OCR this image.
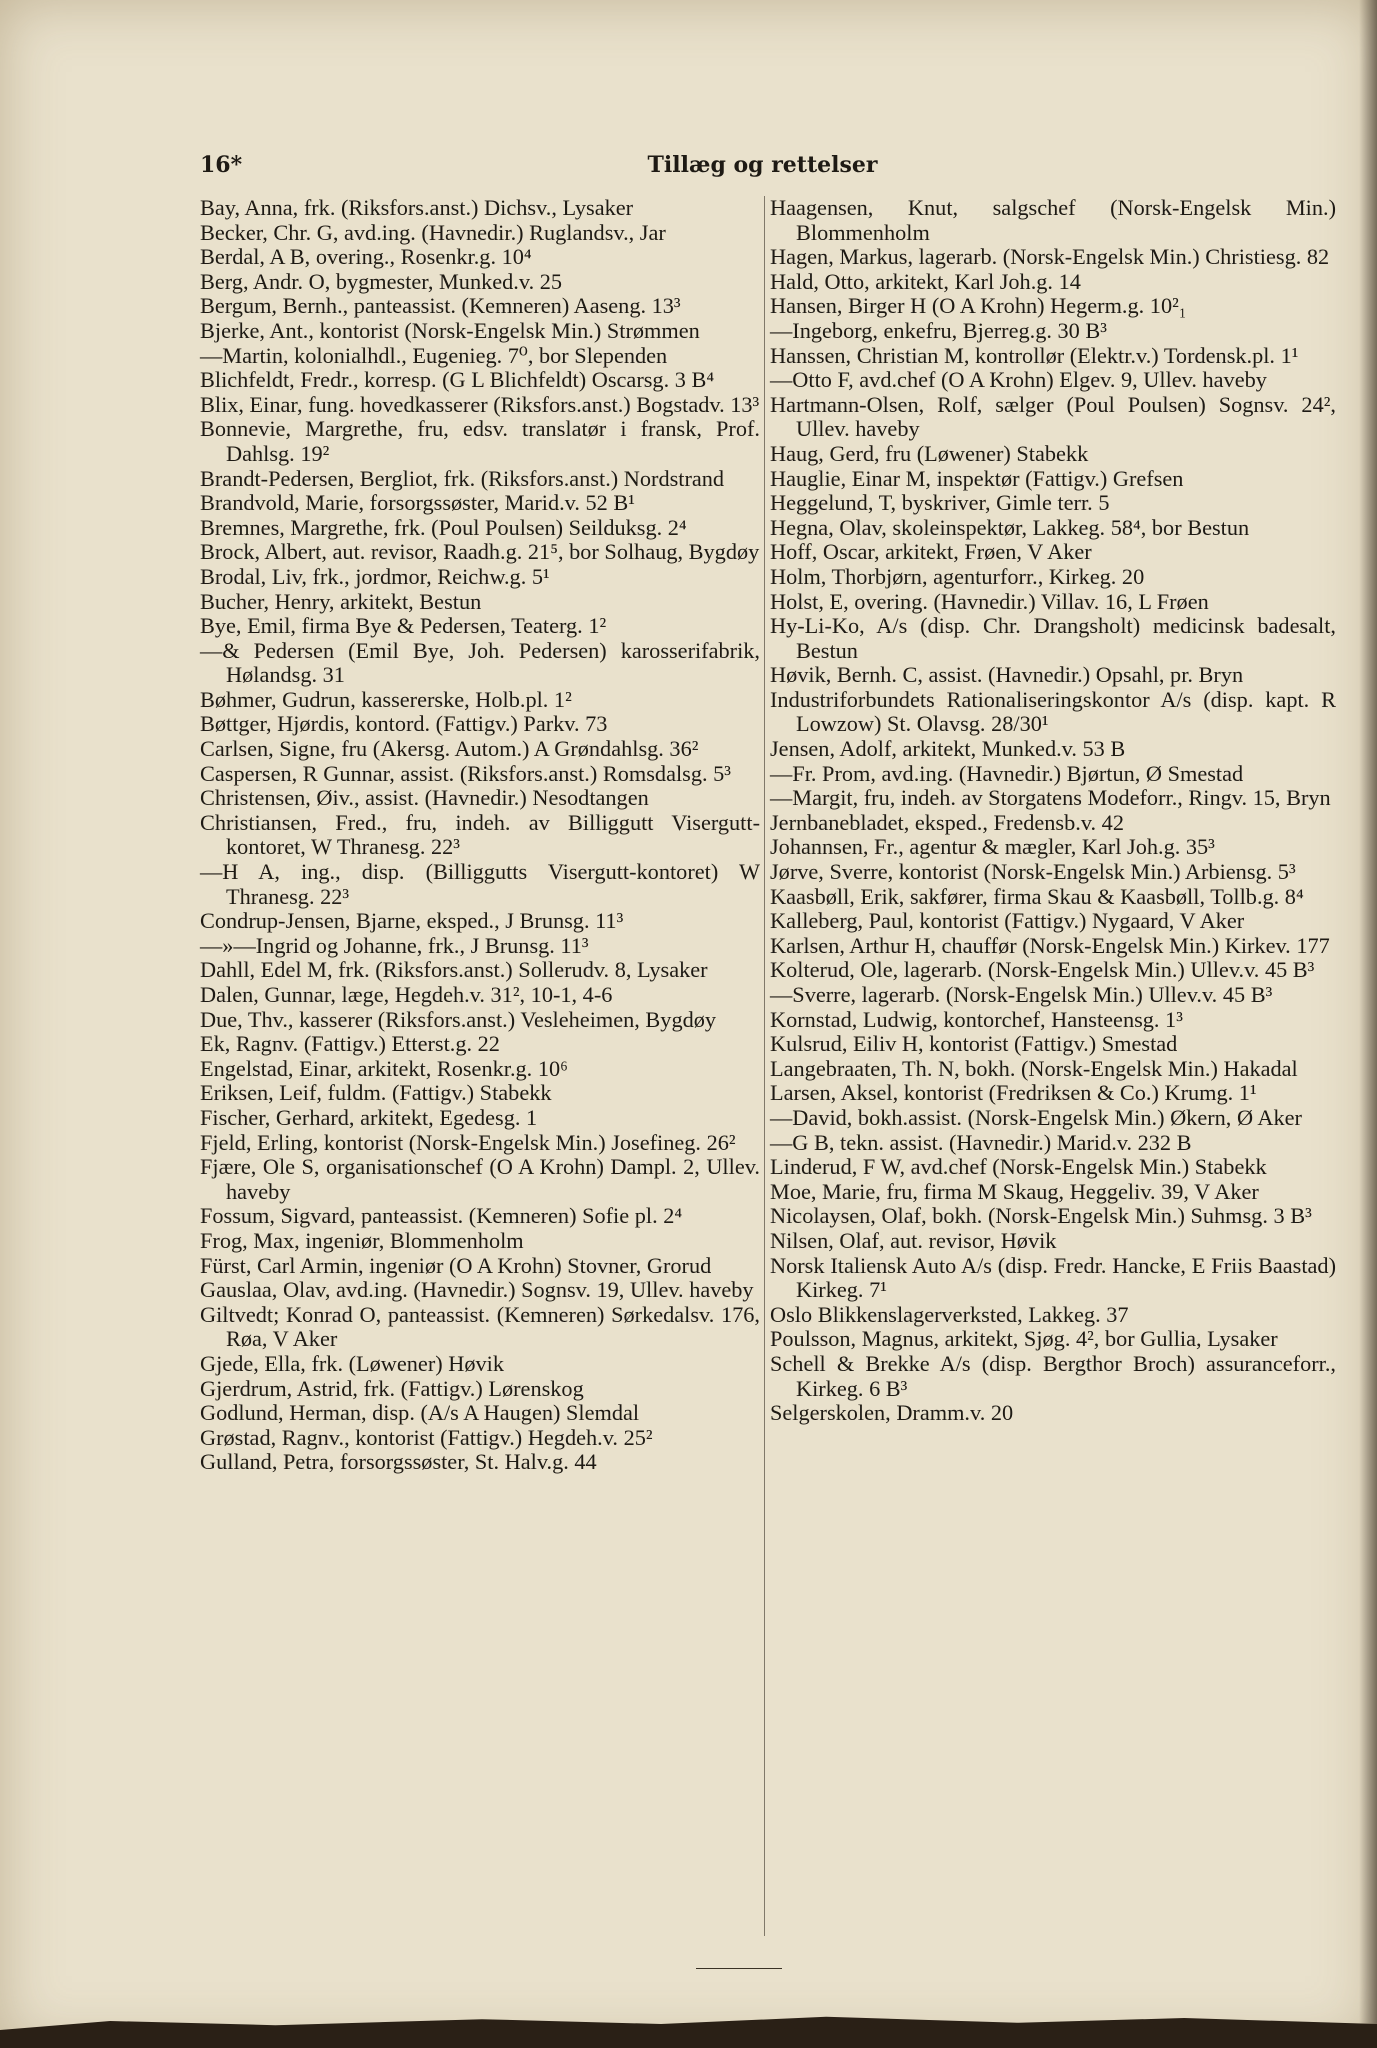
16*	Tillæg og rettelser
Bay, Anna, frk. (Riksfors.anst.) Dichsv., Lysaker
Becker, Chr. G, avd.ing. (Havnedir.) Ruglandsv., Jar
Berdal, A B, overing., Rosenkr.g. 10⁴
Berg, Andr. O, bygmester, Munked.v. 25
Bergum, Bernh., panteassist. (Kemneren) Aaseng. 13³
Bjerke, Ant., kontorist (Norsk-Engelsk Min.) Strømmen
—Martin, kolonialhdl., Eugenieg. 7⁰, bor Slependen
Blichfeldt, Fredr., korresp. (G L Blichfeldt) Oscarsg. 3 B⁴
Blix, Einar, fung. hovedkasserer (Riksfors.anst.) Bogstadv. 13³
Bonnevie, Margrethe, fru, edsv. translatør i fransk, Prof. Dahlsg. 19²
Brandt-Pedersen, Bergliot, frk. (Riksfors.anst.) Nordstrand
Brandvold, Marie, forsorgssøster, Marid.v. 52 B¹
Bremnes, Margrethe, frk. (Poul Poulsen) Seilduksg. 2⁴
Brock, Albert, aut. revisor, Raadh.g. 21⁵, bor Solhaug, Bygdøy
Brodal, Liv, frk., jordmor, Reichw.g. 5¹
Bucher, Henry, arkitekt, Bestun
Bye, Emil, firma Bye & Pedersen, Teaterg. 1²
—& Pedersen (Emil Bye, Joh. Pedersen) karosserifabrik, Hølandsg. 31
Bøhmer, Gudrun, kassererske, Holb.pl. 1²
Bøttger, Hjørdis, kontord. (Fattigv.) Parkv. 73
Carlsen, Signe, fru (Akersg. Autom.) A Grøndahlsg. 36²
Caspersen, R Gunnar, assist. (Riksfors.anst.) Romsdalsg. 5³
Christensen, Øiv., assist. (Havnedir.) Nesodtangen
Christiansen, Fred., fru, indeh. av Billiggutt Visergutt-kontoret, W Thranesg. 22³
—H A, ing., disp. (Billiggutts Visergutt-kontoret) W Thranesg. 22³
Condrup-Jensen, Bjarne, eksped., J Brunsg. 11³
—»—Ingrid og Johanne, frk., J Brunsg. 11³
Dahll, Edel M, frk. (Riksfors.anst.) Sollerudv. 8, Lysaker
Dalen, Gunnar, læge, Hegdeh.v. 31², 10-1, 4-6
Due, Thv., kasserer (Riksfors.anst.) Vesleheimen, Bygdøy
Ek, Ragnv. (Fattigv.) Etterst.g. 22
Engelstad, Einar, arkitekt, Rosenkr.g. 10⁶
Eriksen, Leif, fuldm. (Fattigv.) Stabekk
Fischer, Gerhard, arkitekt, Egedesg. 1
Fjeld, Erling, kontorist (Norsk-Engelsk Min.) Josefineg. 26²
Fjære, Ole S, organisationschef (O A Krohn) Dampl. 2, Ullev. haveby
Fossum, Sigvard, panteassist. (Kemneren) Sofie pl. 2⁴
Frog, Max, ingeniør, Blommenholm
Fürst, Carl Armin, ingeniør (O A Krohn) Stovner, Grorud
Gauslaa, Olav, avd.ing. (Havnedir.) Sognsv. 19, Ullev. haveby
Giltvedt; Konrad O, panteassist. (Kemneren) Sørkedalsv. 176, Røa, V Aker
Gjede, Ella, frk. (Løwener) Høvik
Gjerdrum, Astrid, frk. (Fattigv.) Lørenskog
Godlund, Herman, disp. (A/s A Haugen) Slemdal
Grøstad, Ragnv., kontorist (Fattigv.) Hegdeh.v. 25²
Gulland, Petra, forsorgssøster, St. Halv.g. 44
Haagensen, Knut, salgschef (Norsk-Engelsk Min.) Blommenholm
Hagen, Markus, lagerarb. (Norsk-Engelsk Min.) Christiesg. 82
Hald, Otto, arkitekt, Karl Joh.g. 14
Hansen, Birger H (O A Krohn) Hegerm.g. 10²₁
—Ingeborg, enkefru, Bjerreg.g. 30 B³
Hanssen, Christian M, kontrollør (Elektr.v.) Tordensk.pl. 1¹
—Otto F, avd.chef (O A Krohn) Elgev. 9, Ullev. haveby
Hartmann-Olsen, Rolf, sælger (Poul Poulsen) Sognsv. 24², Ullev. haveby
Haug, Gerd, fru (Løwener) Stabekk
Hauglie, Einar M, inspektør (Fattigv.) Grefsen
Heggelund, T, byskriver, Gimle terr. 5
Hegna, Olav, skoleinspektør, Lakkeg. 58⁴, bor Bestun
Hoff, Oscar, arkitekt, Frøen, V Aker
Holm, Thorbjørn, agenturforr., Kirkeg. 20
Holst, E, overing. (Havnedir.) Villav. 16, L Frøen
Hy-Li-Ko, A/s (disp. Chr. Drangsholt) medicinsk badesalt, Bestun
Høvik, Bernh. C, assist. (Havnedir.) Opsahl, pr. Bryn
Industriforbundets Rationaliseringskontor A/s (disp. kapt. R Lowzow) St. Olavsg. 28/30¹
Jensen, Adolf, arkitekt, Munked.v. 53 B
—Fr. Prom, avd.ing. (Havnedir.) Bjørtun, Ø Smestad
—Margit, fru, indeh. av Storgatens Modeforr., Ringv. 15, Bryn
Jernbanebladet, eksped., Fredensb.v. 42
Johannsen, Fr., agentur & mægler, Karl Joh.g. 35³
Jørve, Sverre, kontorist (Norsk-Engelsk Min.) Arbiensg. 5³
Kaasbøll, Erik, sakfører, firma Skau & Kaasbøll, Tollb.g. 8⁴
Kalleberg, Paul, kontorist (Fattigv.) Nygaard, V Aker
Karlsen, Arthur H, chauffør (Norsk-Engelsk Min.) Kirkev. 177
Kolterud, Ole, lagerarb. (Norsk-Engelsk Min.) Ullev.v. 45 B³
—Sverre, lagerarb. (Norsk-Engelsk Min.) Ullev.v. 45 B³
Kornstad, Ludwig, kontorchef, Hansteensg. 1³
Kulsrud, Eiliv H, kontorist (Fattigv.) Smestad
Langebraaten, Th. N, bokh. (Norsk-Engelsk Min.) Hakadal
Larsen, Aksel, kontorist (Fredriksen & Co.) Krumg. 1¹
—David, bokh.assist. (Norsk-Engelsk Min.) Økern, Ø Aker
—G B, tekn. assist. (Havnedir.) Marid.v. 232 B
Linderud, F W, avd.chef (Norsk-Engelsk Min.) Stabekk
Moe, Marie, fru, firma M Skaug, Heggeliv. 39, V Aker
Nicolaysen, Olaf, bokh. (Norsk-Engelsk Min.) Suhmsg. 3 B³
Nilsen, Olaf, aut. revisor, Høvik
Norsk Italiensk Auto A/s (disp. Fredr. Hancke, E Friis Baastad) Kirkeg. 7¹
Oslo Blikkenslagerverksted, Lakkeg. 37
Poulsson, Magnus, arkitekt, Sjøg. 4², bor Gullia, Lysaker
Schell & Brekke A/s (disp. Bergthor Broch) assuranceforr., Kirkeg. 6 B³
Selgerskolen, Dramm.v. 20
